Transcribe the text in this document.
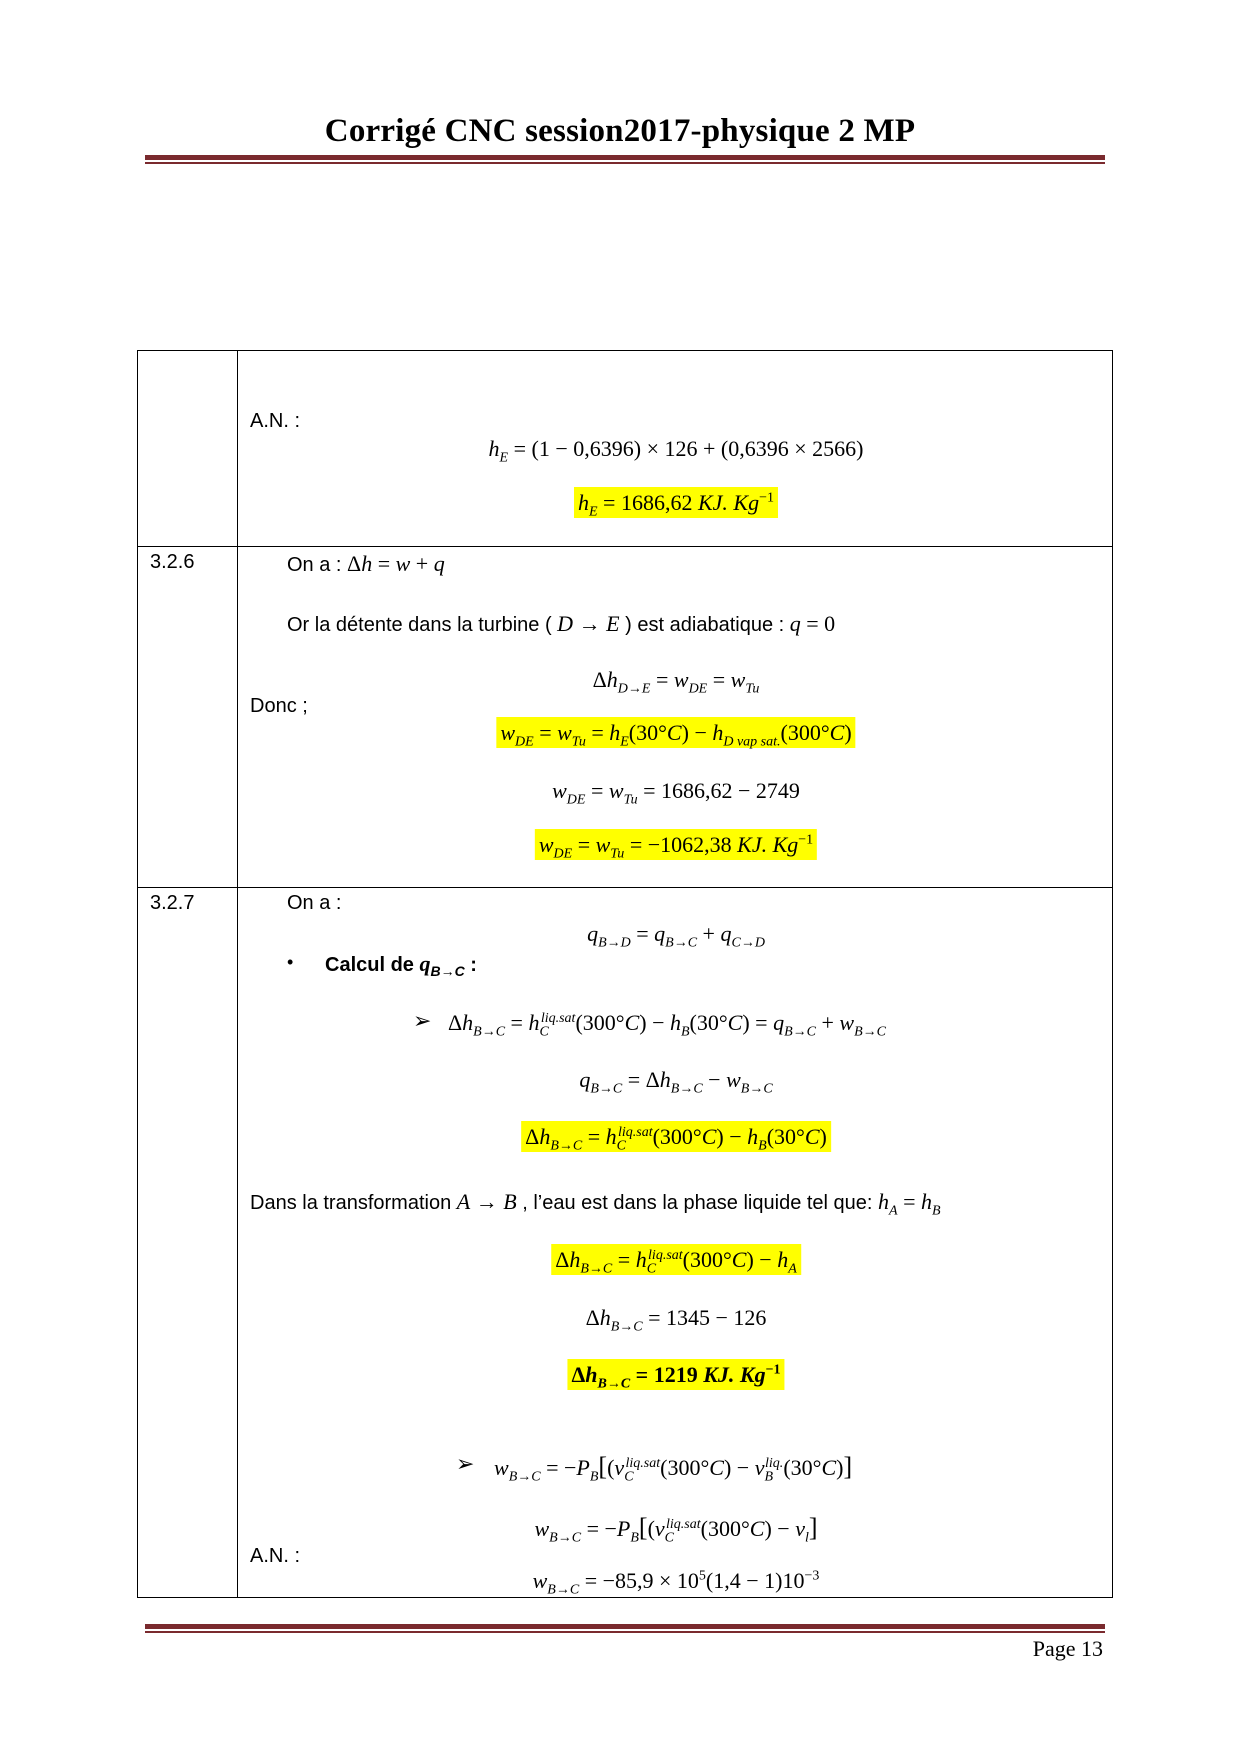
Corrigé CNC session2017-physique 2 MP
A.N. :
$h_E = (1 - 0,6396) \times 126 + (0,6396 \times 2566)$
$h_E = 1686,62$ KJ. $Kg^{-1}$
3.2.6	On a : Δh = w + q
Or la détente dans la turbine ( D → E ) est adiabatique : q = 0
$\Delta h_{D\to E} = w_{DE} = w_{Tu}$
Donc ;
$w_{DE} = w_{Tu} = h_E(30^\circ C) - h_{D vap sat.}(300^\circ C)$
$w_{DE} = w_{Tu} = 1686,62 - 2749$
$w_{DE} = w_{Tu} = -1062,38$ KJ. $Kg^{-1}$
3.2.7	On a :
$q_{B\to D} = q_{B\to C} + q_{C\to D}$
• Calcul de $q_{B\to C}$ :
➢ $\Delta h_{B\to C} = h_C^{liq.sat}(300^\circ C) - h_B(30^\circ C) = q_{B\to C} + w_{B\to C}$
$q_{B\to C} = \Delta h_{B\to C} - w_{B\to C}$
$\Delta h_{B\to C} = h_C^{liq.sat}(300^\circ C) - h_B(30^\circ C)$
Dans la transformation A → B , l’eau est dans la phase liquide tel que: $h_A = h_B$
$\Delta h_{B\to C} = h_C^{liq.sat}(300^\circ C) - h_A$
$\Delta h_{B\to C} = 1345 - 126$
$\Delta h_{B\to C} = 1219$ KJ. $Kg^{-1}$
➢ $w_{B\to C} = -P_B[(v_C^{liq.sat}(300^\circ C) - v_B^{liq.}(30^\circ C)]$
$w_{B\to C} = -P_B[(v_C^{liq.sat}(300^\circ C) - v_l]$
A.N. :
$w_{B\to C} = -85,9 \times 10^5(1,4 - 1)10^{-3}$
Page 13
